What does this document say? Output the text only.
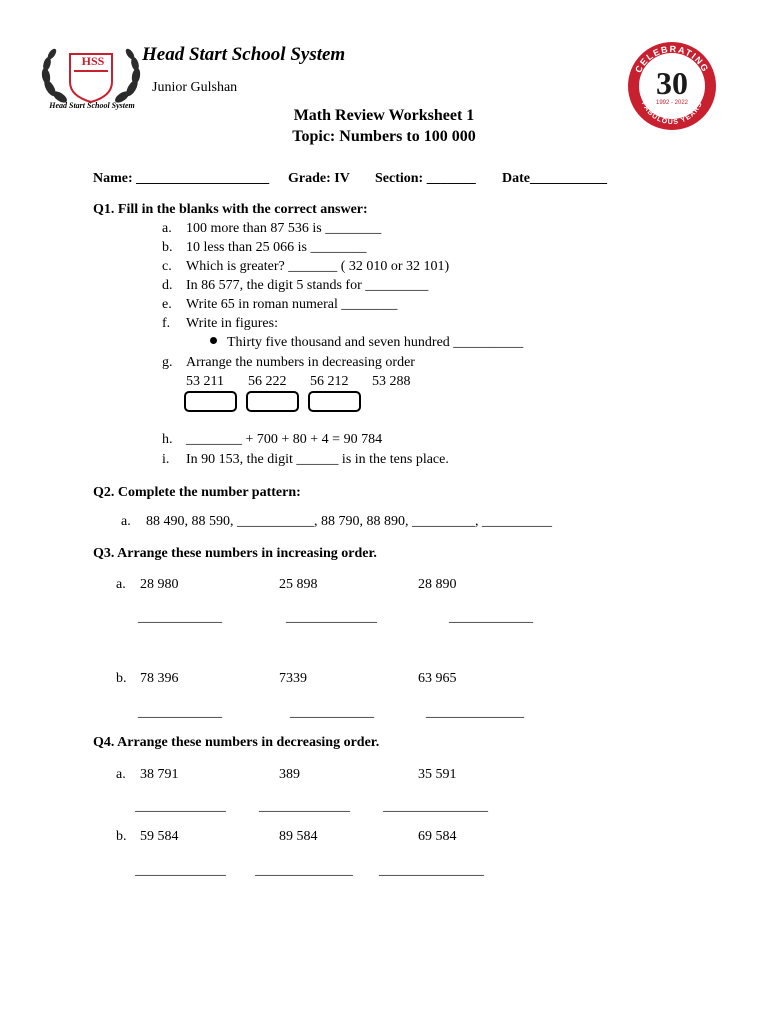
HSS
Head Start School System
Head Start School System
Junior Gulshan
CELEBRATING
FABULOUS YEARS
30
1992 - 2022
Math Review Worksheet 1
Topic: Numbers to 100 000
Name: ___________________ Grade: IV Section: _______ Date___________
Q1. Fill in the blanks with the correct answer:
a. 100 more than 87 536 is ________
b. 10 less than 25 066 is ________
c. Which is greater? _______ ( 32 010 or 32 101)
d. In 86 577, the digit 5 stands for _________
e. Write 65 in roman numeral ________
f. Write in figures:
Thirty five thousand and seven hundred __________
g. Arrange the numbers in decreasing order
53 211 56 222 56 212 53 288
h. ________ + 700 + 80 + 4 = 90 784
i. In 90 153, the digit ______ is in the tens place.
Q2. Complete the number pattern:
a. 88 490, 88 590, ___________, 88 790, 88 890, _________, __________
Q3. Arrange these numbers in increasing order.
a. 28 980	25 898	28 890
____________	_____________	____________
b. 78 396	7339	63 965
____________	____________	______________
Q4. Arrange these numbers in decreasing order.
a. 38 791	389	35 591
_____________ _____________ _______________
b. 59 584	89 584	69 584
_____________ ______________ _______________
